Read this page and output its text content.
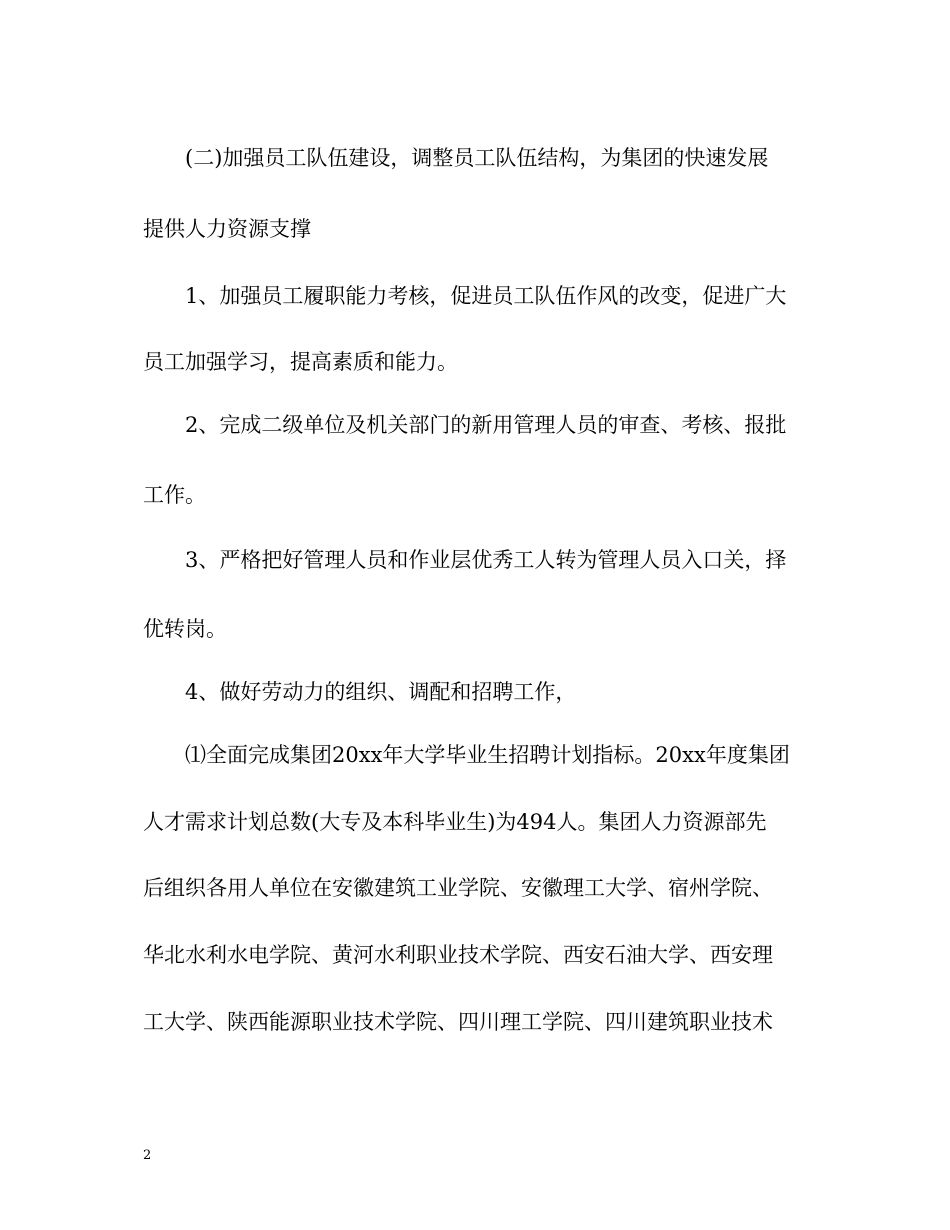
(二)加强员工队伍建设，调整员工队伍结构，为集团的快速发展
提供人力资源支撑
1、加强员工履职能力考核，促进员工队伍作风的改变，促进广大
员工加强学习，提高素质和能力。
2、完成二级单位及机关部门的新用管理人员的审查、考核、报批
工作。
3、严格把好管理人员和作业层优秀工人转为管理人员入口关，择
优转岗。
4、做好劳动力的组织、调配和招聘工作，
⑴全面完成集团20xx年大学毕业生招聘计划指标。20xx年度集团
人才需求计划总数(大专及本科毕业生)为494人。集团人力资源部先
后组织各用人单位在安徽建筑工业学院、安徽理工大学、宿州学院、
华北水利水电学院、黄河水利职业技术学院、西安石油大学、西安理
工大学、陕西能源职业技术学院、四川理工学院、四川建筑职业技术
2
